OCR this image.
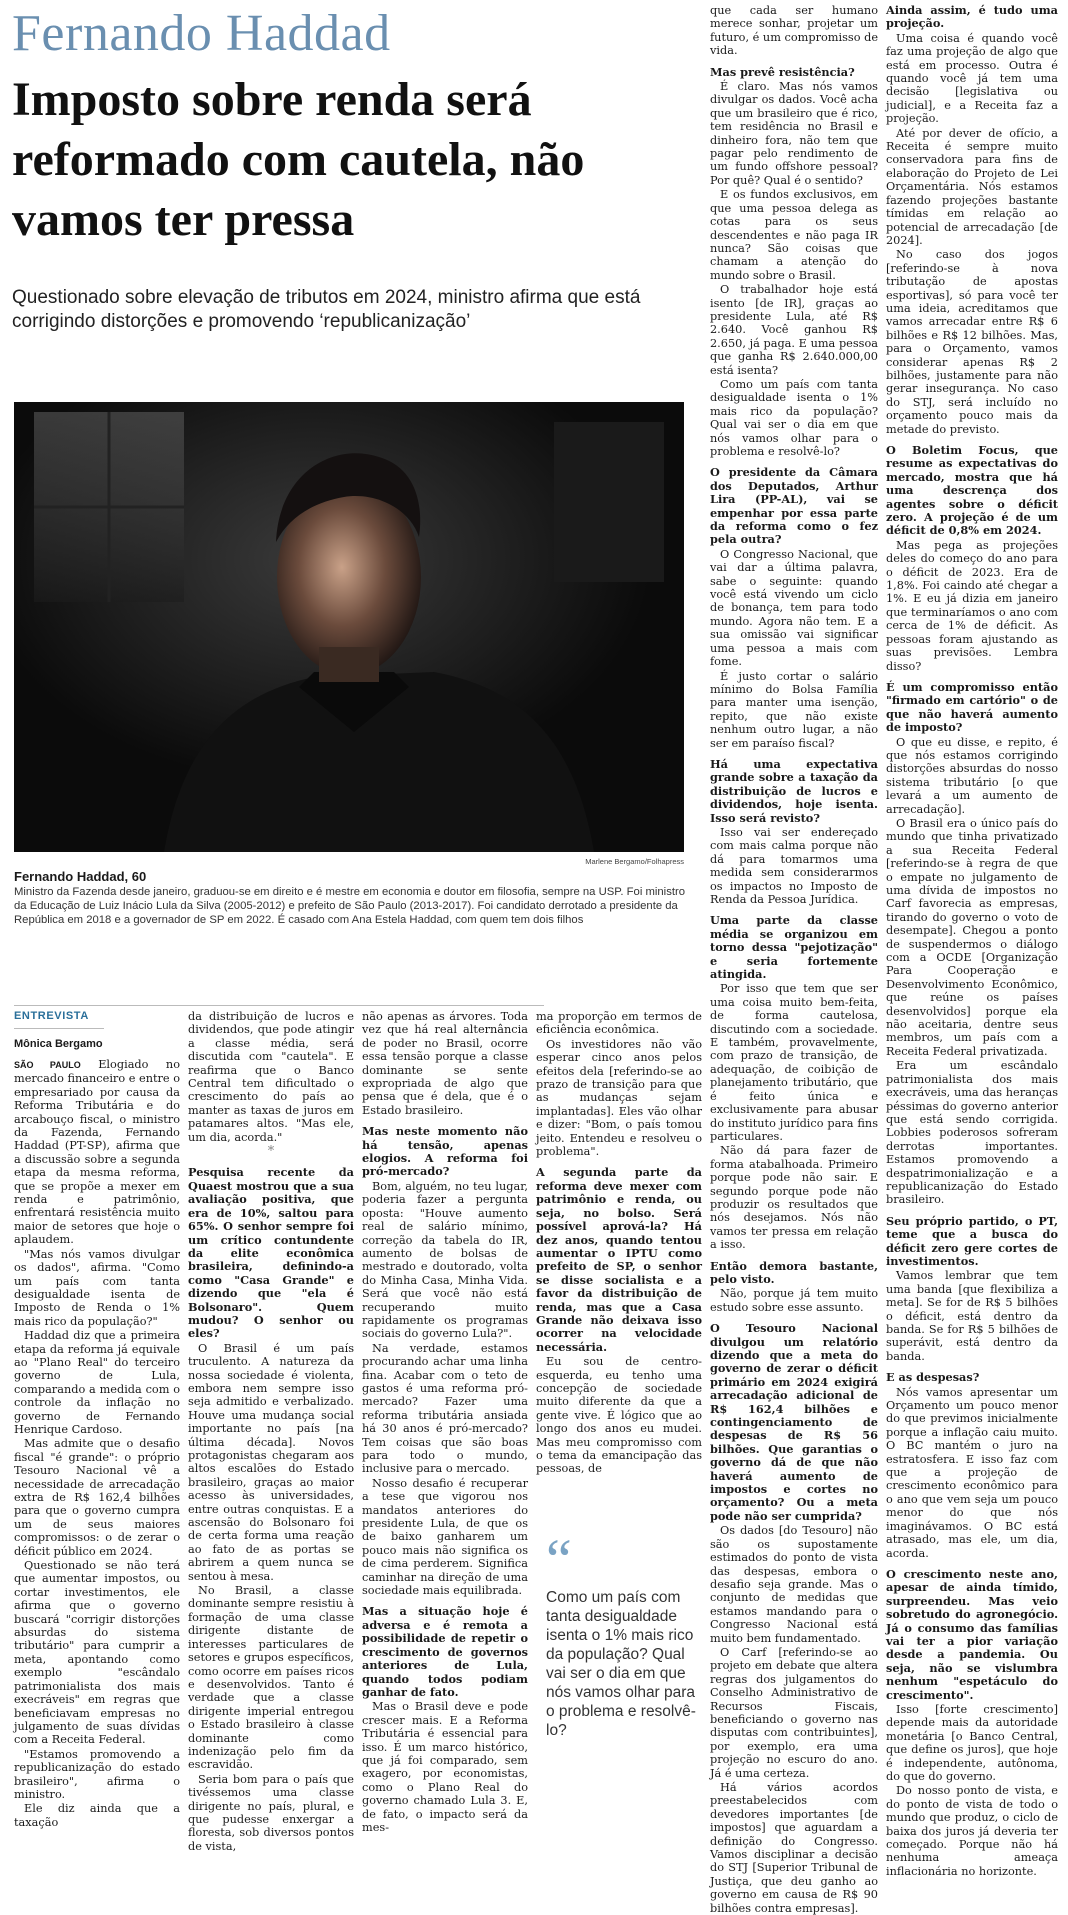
Fernando Haddad
Imposto sobre renda será reformado com cautela, não vamos ter pressa
Questionado sobre elevação de tributos em 2024, ministro afirma que está corrigindo distorções e promovendo ‘republicanização’
Marlene Bergamo/Folhapress
Fernando Haddad, 60
Ministro da Fazenda desde janeiro, graduou-se em direito e é mestre em economia e doutor em filosofia, sempre na USP. Foi ministro da Educação de Luiz Inácio Lula da Silva (2005-2012) e prefeito de São Paulo (2013-2017). Foi candidato derrotado a presidente da República em 2018 e a governador de SP em 2022. É casado com Ana Estela Haddad, com quem tem dois filhos
ENTREVISTA
Mônica Bergamo

SÃO PAULO Elogiado no mercado financeiro e entre o empresariado por causa da Reforma Tributária e do arcabouço fiscal, o ministro da Fazenda, Fernando Haddad (PT-SP), afirma que a discussão sobre a segunda etapa da mesma reforma, que se propõe a mexer em renda e patrimônio, enfrentará resistência muito maior de setores que hoje o aplaudem.

"Mas nós vamos divulgar os dados", afirma. "Como um país com tanta desigualdade isenta de Imposto de Renda o 1% mais rico da população?"

Haddad diz que a primeira etapa da reforma já equivale ao "Plano Real" do terceiro governo de Lula, comparando a medida com o controle da inflação no governo de Fernando Henrique Cardoso.

Mas admite que o desafio fiscal "é grande": o próprio Tesouro Nacional vê a necessidade de arrecadação extra de R$ 162,4 bilhões para que o governo cumpra um de seus maiores compromissos: o de zerar o déficit público em 2024.

Questionado se não terá que aumentar impostos, ou cortar investimentos, ele afirma que o governo buscará "corrigir distorções absurdas do sistema tributário" para cumprir a meta, apontando como exemplo "escândalo patrimonialista dos mais execráveis" em regras que beneficiavam empresas no julgamento de suas dívidas com a Receita Federal.

"Estamos promovendo a republicanização do estado brasileiro", afirma o ministro.

Ele diz ainda que a taxação

da distribuição de lucros e dividendos, que pode atingir a classe média, será discutida com "cautela". E reafirma que o Banco Central tem dificultado o crescimento do país ao manter as taxas de juros em patamares altos. "Mas ele, um dia, acorda."

*

Pesquisa recente da Quaest mostrou que a sua avaliação positiva, que era de 10%, saltou para 65%. O senhor sempre foi um crítico contundente da elite econômica brasileira, definindo-a como "Casa Grande" e dizendo que "ela é Bolsonaro". Quem mudou? O senhor ou eles?

O Brasil é um país truculento. A natureza da nossa sociedade é violenta, embora nem sempre isso seja admitido e verbalizado. Houve uma mudança social importante no país [na última década]. Novos protagonistas chegaram aos altos escalões do Estado brasileiro, graças ao maior acesso às universidades, entre outras conquistas. E a ascensão do Bolsonaro foi de certa forma uma reação ao fato de as portas se abrirem a quem nunca se sentou à mesa.

No Brasil, a classe dominante sempre resistiu à formação de uma classe dirigente distante de interesses particulares de setores e grupos específicos, como ocorre em países ricos e desenvolvidos. Tanto é verdade que a classe dirigente imperial entregou o Estado brasileiro à classe dominante como indenização pelo fim da escravidão.

Seria bom para o país que tivéssemos uma classe dirigente no país, plural, e que pudesse enxergar a floresta, sob diversos pontos de vista,

não apenas as árvores. Toda vez que há real alternância de poder no Brasil, ocorre essa tensão porque a classe dominante se sente expropriada de algo que pensa que é dela, que é o Estado brasileiro.

Mas neste momento não há tensão, apenas elogios. A reforma foi pró-mercado?

Bom, alguém, no teu lugar, poderia fazer a pergunta oposta: "Houve aumento real de salário mínimo, correção da tabela do IR, aumento de bolsas de mestrado e doutorado, volta do Minha Casa, Minha Vida. Será que você não está recuperando muito rapidamente os programas sociais do governo Lula?".

Na verdade, estamos procurando achar uma linha fina. Acabar com o teto de gastos é uma reforma pró-mercado? Fazer uma reforma tributária ansiada há 30 anos é pró-mercado? Tem coisas que são boas para todo o mundo, inclusive para o mercado.

Nosso desafio é recuperar a tese que vigorou nos mandatos anteriores do presidente Lula, de que os de baixo ganharem um pouco mais não significa os de cima perderem. Significa caminhar na direção de uma sociedade mais equilibrada.

Mas a situação hoje é adversa e é remota a possibilidade de repetir o crescimento de governos anteriores de Lula, quando todos podiam ganhar de fato.

Mas o Brasil deve e pode crescer mais. E a Reforma Tributária é essencial para isso. É um marco histórico, que já foi comparado, sem exagero, por economistas, como o Plano Real do governo chamado Lula 3. E, de fato, o impacto será da mes-

ma proporção em termos de eficiência econômica.

Os investidores não vão esperar cinco anos pelos efeitos dela [referindo-se ao prazo de transição para que as mudanças sejam implantadas]. Eles vão olhar e dizer: "Bom, o país tomou jeito. Entendeu e resolveu o problema".

A segunda parte da reforma deve mexer com patrimônio e renda, ou seja, no bolso. Será possível aprová-la? Há dez anos, quando tentou aumentar o IPTU como prefeito de SP, o senhor se disse socialista e a favor da distribuição de renda, mas que a Casa Grande não deixava isso ocorrer na velocidade necessária.

Eu sou de centro-esquerda, eu tenho uma concepção de sociedade muito diferente da que a gente vive. É lógico que ao longo dos anos eu mudei. Mas meu compromisso com o tema da emancipação das pessoas, de

“
Como um país com tanta desigualdade isenta o 1% mais rico da população? Qual vai ser o dia em que nós vamos olhar para o problema e resolvê-lo?

que cada ser humano merece sonhar, projetar um futuro, é um compromisso de vida.

Mas prevê resistência?

É claro. Mas nós vamos divulgar os dados. Você acha que um brasileiro que é rico, tem residência no Brasil e dinheiro fora, não tem que pagar pelo rendimento de um fundo offshore pessoal? Por quê? Qual é o sentido?

E os fundos exclusivos, em que uma pessoa delega as cotas para os seus descendentes e não paga IR nunca? São coisas que chamam a atenção do mundo sobre o Brasil.

O trabalhador hoje está isento [de IR], graças ao presidente Lula, até R$ 2.640. Você ganhou R$ 2.650, já paga. E uma pessoa que ganha R$ 2.640.000,00 está isenta?

Como um país com tanta desigualdade isenta o 1% mais rico da população? Qual vai ser o dia em que nós vamos olhar para o problema e resolvê-lo?

O presidente da Câmara dos Deputados, Arthur Lira (PP-AL), vai se empenhar por essa parte da reforma como o fez pela outra?

O Congresso Nacional, que vai dar a última palavra, sabe o seguinte: quando você está vivendo um ciclo de bonança, tem para todo mundo. Agora não tem. E a sua omissão vai significar uma pessoa a mais com fome.

É justo cortar o salário mínimo do Bolsa Família para manter uma isenção, repito, que não existe nenhum outro lugar, a não ser em paraíso fiscal?

Há uma expectativa grande sobre a taxação da distribuição de lucros e dividendos, hoje isenta. Isso será revisto?

Isso vai ser endereçado com mais calma porque não dá para tomarmos uma medida sem considerarmos os impactos no Imposto de Renda da Pessoa Jurídica.

Uma parte da classe média se organizou em torno dessa "pejotização" e seria fortemente atingida.

Por isso que tem que ser uma coisa muito bem-feita, de forma cautelosa, discutindo com a sociedade. E também, provavelmente, com prazo de transição, de adequação, de coibição de planejamento tributário, que é feito única e exclusivamente para abusar do instituto jurídico para fins particulares.

Não dá para fazer de forma atabalhoada. Primeiro porque pode não sair. E segundo porque pode não produzir os resultados que nós desejamos. Nós não vamos ter pressa em relação a isso.

Então demora bastante, pelo visto.

Não, porque já tem muito estudo sobre esse assunto.

O Tesouro Nacional divulgou um relatório dizendo que a meta do governo de zerar o déficit primário em 2024 exigirá arrecadação adicional de R$ 162,4 bilhões e contingenciamento de despesas de R$ 56 bilhões. Que garantias o governo dá de que não haverá aumento de impostos e cortes no orçamento? Ou a meta pode não ser cumprida?

Os dados [do Tesouro] não são os supostamente estimados do ponto de vista das despesas, embora o desafio seja grande. Mas o conjunto de medidas que estamos mandando para o Congresso Nacional está muito bem fundamentado.

O Carf [referindo-se ao projeto em debate que altera regras dos julgamentos do Conselho Administrativo de Recursos Fiscais, beneficiando o governo nas disputas com contribuintes], por exemplo, era uma projeção no escuro do ano. Já é uma certeza.

Há vários acordos preestabelecidos com devedores importantes [de impostos] que aguardam a definição do Congresso. Vamos disciplinar a decisão do STJ [Superior Tribunal de Justiça, que deu ganho ao governo em causa de R$ 90 bilhões contra empresas].

Ainda assim, é tudo uma projeção.

Uma coisa é quando você faz uma projeção de algo que está em processo. Outra é quando você já tem uma decisão [legislativa ou judicial], e a Receita faz a projeção.

Até por dever de ofício, a Receita é sempre muito conservadora para fins de elaboração do Projeto de Lei Orçamentária. Nós estamos fazendo projeções bastante tímidas em relação ao potencial de arrecadação [de 2024].

No caso dos jogos [referindo-se à nova tributação de apostas esportivas], só para você ter uma ideia, acreditamos que vamos arrecadar entre R$ 6 bilhões e R$ 12 bilhões. Mas, para o Orçamento, vamos considerar apenas R$ 2 bilhões, justamente para não gerar insegurança. No caso do STJ, será incluído no orçamento pouco mais da metade do previsto.

O Boletim Focus, que resume as expectativas do mercado, mostra que há uma descrença dos agentes sobre o déficit zero. A projeção é de um déficit de 0,8% em 2024.

Mas pega as projeções deles do começo do ano para o déficit de 2023. Era de 1,8%. Foi caindo até chegar a 1%. E eu já dizia em janeiro que terminaríamos o ano com cerca de 1% de déficit. As pessoas foram ajustando as suas previsões. Lembra disso?

É um compromisso então "firmado em cartório" o de que não haverá aumento de imposto?

O que eu disse, e repito, é que nós estamos corrigindo distorções absurdas do nosso sistema tributário [o que levará a um aumento de arrecadação].

O Brasil era o único país do mundo que tinha privatizado a sua Receita Federal [referindo-se à regra de que o empate no julgamento de uma dívida de impostos no Carf favorecia as empresas, tirando do governo o voto de desempate]. Chegou a ponto de suspendermos o diálogo com a OCDE [Organização Para Cooperação e Desenvolvimento Econômico, que reúne os países desenvolvidos] porque ela não aceitaria, dentre seus membros, um país com a Receita Federal privatizada.

Era um escândalo patrimonialista dos mais execráveis, uma das heranças péssimas do governo anterior que está sendo corrigida. Lobbies poderosos sofreram derrotas importantes. Estamos promovendo a despatrimonialização e a republicanização do Estado brasileiro.

Seu próprio partido, o PT, teme que a busca do déficit zero gere cortes de investimentos.

Vamos lembrar que tem uma banda [que flexibiliza a meta]. Se for de R$ 5 bilhões o déficit, está dentro da banda. Se for R$ 5 bilhões de superávit, está dentro da banda.

E as despesas?

Nós vamos apresentar um Orçamento um pouco menor do que previmos inicialmente porque a inflação caiu muito. O BC mantém o juro na estratosfera. E isso faz com que a projeção de crescimento econômico para o ano que vem seja um pouco menor do que nós imaginávamos. O BC está atrasado, mas ele, um dia, acorda.

O crescimento neste ano, apesar de ainda tímido, surpreendeu. Mas veio sobretudo do agronegócio. Já o consumo das famílias vai ter a pior variação desde a pandemia. Ou seja, não se vislumbra nenhum "espetáculo do crescimento".

Isso [forte crescimento] depende mais da autoridade monetária [o Banco Central, que define os juros], que hoje é independente, autônoma, do que do governo.

Do nosso ponto de vista, e do ponto de vista de todo o mundo que produz, o ciclo de baixa dos juros já deveria ter começado. Porque não há nenhuma ameaça inflacionária no horizonte.
